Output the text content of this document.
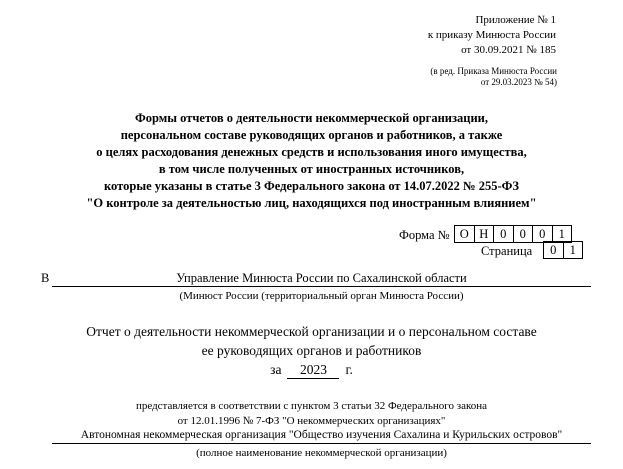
Приложение № 1
к приказу Минюста России
от 30.09.2021 № 185
(в ред. Приказа Минюста России
от 29.03.2023 № 54)
Формы отчетов о деятельности некоммерческой организации,
персональном составе руководящих органов и работников, а также
о целях расходования денежных средств и использования иного имущества,
в том числе полученных от иностранных источников,
которые указаны в статье 3 Федерального закона от 14.07.2022 № 255-ФЗ
"О контроле за деятельностью лиц, находящихся под иностранным влиянием"
Форма № О Н 0	0	0	1
Страница	0	1
В	Управление Минюста России по Сахалинской области
(Минюст России (территориальный орган Минюста России)
Отчет о деятельности некоммерческой организации и о персональном составе
ее руководящих органов и работников
за 2023 г.
представляется в соответствии с пунктом 3 статьи 32 Федерального закона
от 12.01.1996 № 7-ФЗ "О некоммерческих организациях"
Автономная некоммерческая организация "Общество изучения Сахалина и Курильских островов"
(полное наименование некоммерческой организации)
